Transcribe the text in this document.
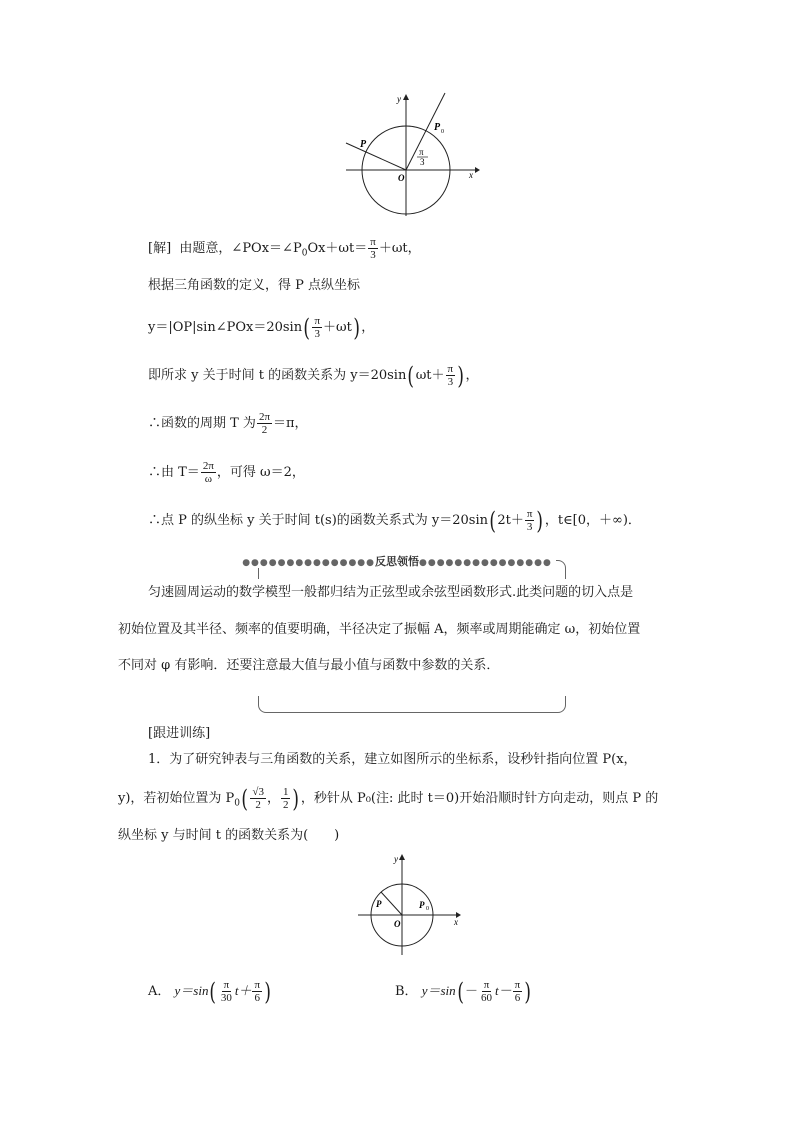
y
x
O
P
P 0
π
3
[解] 由题意，$\angle POx=\angle P_0Ox+\omega t= \frac{\pi}{3} +\omega t$，
根据三角函数的定义，得 P 点纵坐标
y＝|OP|sin∠POx＝20sin( $\frac{\pi}{3} +\omega t$)，
即所求 y 关于时间 t 的函数关系为 $y=20\sin(\omega t+ \frac{\pi}{3}$ )，
∴函数的周期 T 为 $\frac{2\pi}{2} =\pi$，
∴由 $T= \frac{2\pi}{\omega}$ ，可得 ω＝2，
∴点 P 的纵坐标 y 关于时间 t(s)的函数关系式为 $y=20\sin(2t+ \frac{\pi}{3}$ )，t∈[0，＋∞)．
●●●●●●●●●●●●●●●反思领悟●●●●●●●●●●●●●●●
匀速圆周运动的数学模型一般都归结为正弦型或余弦型函数形式.此类问题的切入点是
初始位置及其半径、频率的值要明确，半径决定了振幅 A，频率或周期能确定 ω，初始位置
不同对 φ 有影响．还要注意最大值与最小值与函数中参数的关系．
[跟进训练]
1．为了研究钟表与三角函数的关系，建立如图所示的坐标系，设秒针指向位置 P(x，
y)，若初始位置为 $P_0( \frac{√3}{2}$ ， $\frac{1}{2}$ )，秒针从 P₀(注: 此时 t＝0)开始沿顺时针方向走动，则点 P 的
纵坐标 y 与时间 t 的函数关系为(　　)
y
x
O
P	P 0
A． $y=\sin( \frac{\pi}{30} t+ \frac{\pi}{6}$ )	B． $y=\sin(- \frac{\pi}{60} t- \frac{\pi}{6}$ )
